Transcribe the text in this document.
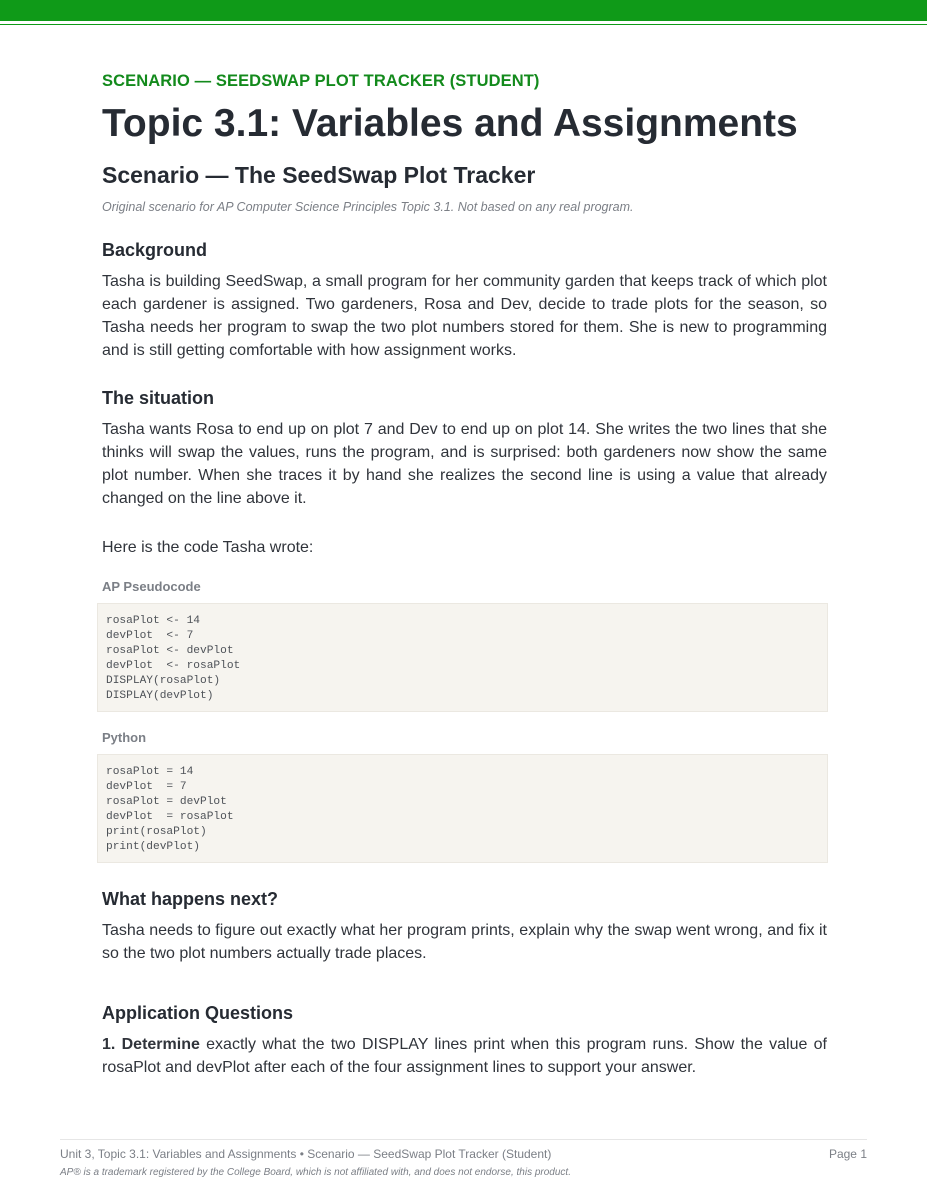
SCENARIO — SEEDSWAP PLOT TRACKER (STUDENT)
Topic 3.1: Variables and Assignments
Scenario — The SeedSwap Plot Tracker
Original scenario for AP Computer Science Principles Topic 3.1. Not based on any real program.
Background

Tasha is building SeedSwap, a small program for her community garden that keeps track of which plot each gardener is assigned. Two gardeners, Rosa and Dev, decide to trade plots for the season, so Tasha needs her program to swap the two plot numbers stored for them. She is new to programming and is still getting comfortable with how assignment works.

The situation

Tasha wants Rosa to end up on plot 7 and Dev to end up on plot 14. She writes the two lines that she thinks will swap the values, runs the program, and is surprised: both gardeners now show the same plot number. When she traces it by hand she realizes the second line is using a value that already changed on the line above it.

Here is the code Tasha wrote:

AP Pseudocode
rosaPlot <- 14
devPlot  <- 7
rosaPlot <- devPlot
devPlot  <- rosaPlot
DISPLAY(rosaPlot)
DISPLAY(devPlot)
Python
rosaPlot = 14
devPlot  = 7
rosaPlot = devPlot
devPlot  = rosaPlot
print(rosaPlot)
print(devPlot)
What happens next?

Tasha needs to figure out exactly what her program prints, explain why the swap went wrong, and fix it so the two plot numbers actually trade places.

Application Questions

1. Determine exactly what the two DISPLAY lines print when this program runs. Show the value of rosaPlot and devPlot after each of the four assignment lines to support your answer.

Unit 3, Topic 3.1: Variables and Assignments • Scenario — SeedSwap Plot Tracker (Student)	Page 1
AP® is a trademark registered by the College Board, which is not affiliated with, and does not endorse, this product.
